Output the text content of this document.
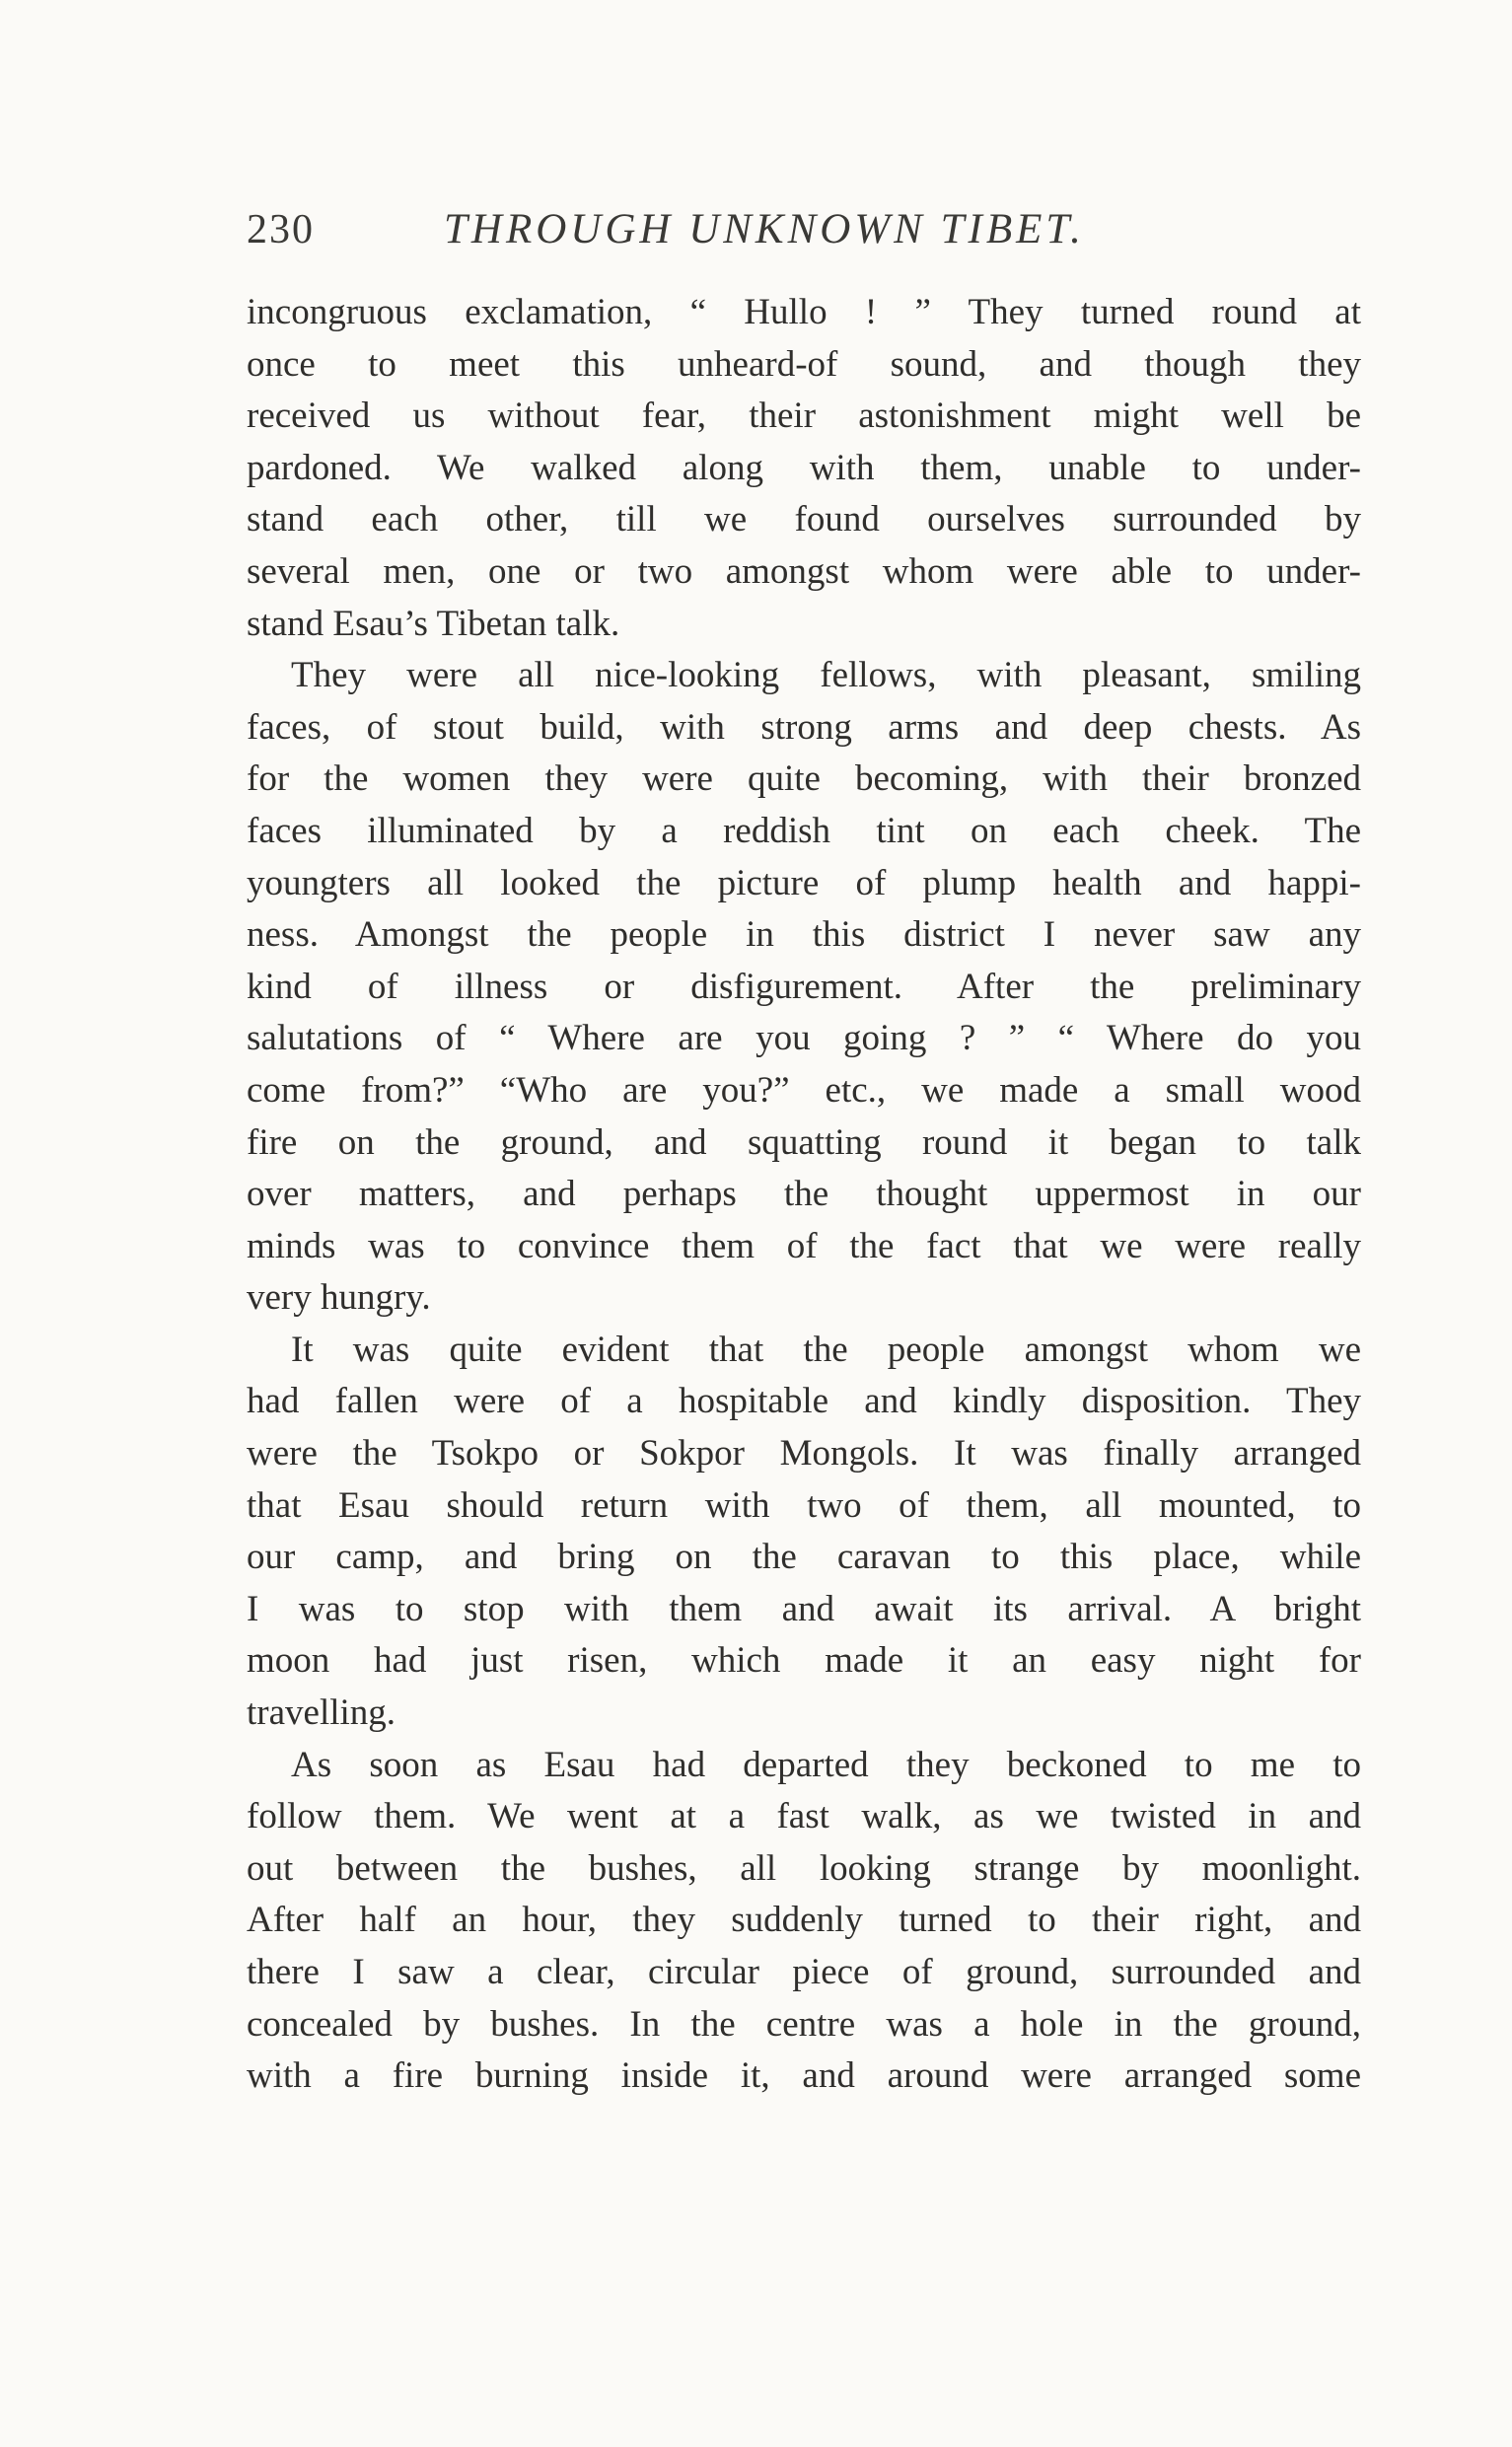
230	THROUGH UNKNOWN TIBET.
incongruous exclamation, “ Hullo ! ” They turned round at
once to meet this unheard-of sound, and though they
received us without fear, their astonishment might well be
pardoned. We walked along with them, unable to under-
stand each other, till we found ourselves surrounded by
several men, one or two amongst whom were able to under-
stand Esau’s Tibetan talk.
They were all nice-looking fellows, with pleasant, smiling
faces, of stout build, with strong arms and deep chests. As
for the women they were quite becoming, with their bronzed
faces illuminated by a reddish tint on each cheek. The
youngters all looked the picture of plump health and happi-
ness. Amongst the people in this district I never saw any
kind of illness or disfigurement. After the preliminary
salutations of “ Where are you going ? ” “ Where do you
come from?” “Who are you?” etc., we made a small wood
fire on the ground, and squatting round it began to talk
over matters, and perhaps the thought uppermost in our
minds was to convince them of the fact that we were really
very hungry.
It was quite evident that the people amongst whom we
had fallen were of a hospitable and kindly disposition. They
were the Tsokpo or Sokpor Mongols. It was finally arranged
that Esau should return with two of them, all mounted, to
our camp, and bring on the caravan to this place, while
I was to stop with them and await its arrival. A bright
moon had just risen, which made it an easy night for
travelling.
As soon as Esau had departed they beckoned to me to
follow them. We went at a fast walk, as we twisted in and
out between the bushes, all looking strange by moonlight.
After half an hour, they suddenly turned to their right, and
there I saw a clear, circular piece of ground, surrounded and
concealed by bushes. In the centre was a hole in the ground,
with a fire burning inside it, and around were arranged some
